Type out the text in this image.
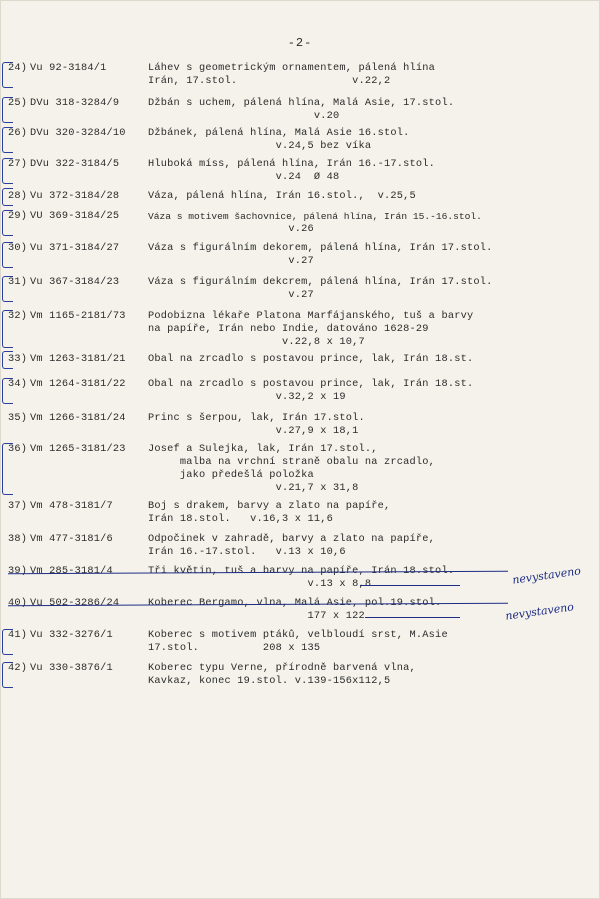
-2-
24) Vu 92-3184/1	Láhev s geometrickým ornamentem, pálená hlína
Irán, 17.stol.                  v.22,2
25) DVu 318-3284/9	Džbán s uchem, pálená hlína, Malá Asie, 17.stol.
v.20
26) DVu 320-3284/10 Džbánek, pálená hlína, Malá Asie 16.stol.
v.24,5 bez víka
27) DVu 322-3184/5	Hluboká míss, pálená hlína, Irán 16.-17.stol.
v.24  Ø 48
28) Vu 372-3184/28	Váza, pálená hlína, Irán 16.stol.,  v.25,5
29) VU 369-3184/25	Váza s motivem šachovnice, pálená hlína, Irán 15.-16.stol.
v.26
30) Vu 371-3184/27	Váza s figurálním dekorem, pálená hlína, Irán 17.stol.
v.27
31) Vu 367-3184/23	Váza s figurálním dekcrem, pálená hlína, Irán 17.stol.
v.27
32) Vm 1165-2181/73 Podobizna lékaře Platona Marfájanského, tuš a barvy
na papíře, Irán nebo Indie, datováno 1628-29
v.22,8 x 10,7
33) Vm 1263-3181/21 Obal na zrcadlo s postavou prince, lak, Irán 18.st.
34) Vm 1264-3181/22 Obal na zrcadlo s postavou prince, lak, Irán 18.st.
v.32,2 x 19
35) Vm 1266-3181/24 Princ s šerpou, lak, Irán 17.stol.
v.27,9 x 18,1
36) Vm 1265-3181/23 Josef a Sulejka, lak, Irán 17.stol.,
malba na vrchní straně obalu na zrcadlo,
jako předešlá položka
v.21,7 x 31,8
37) Vm 478-3181/7	Boj s drakem, barvy a zlato na papíře,
Irán 18.stol.   v.16,3 x 11,6
38) Vm 477-3181/6	Odpočinek v zahradě, barvy a zlato na papíře,
Irán 16.-17.stol.   v.13 x 10,6
39) Vm 285-3181/4	Tři květin, tuš a barvy na papíře, Irán 18.stol.
v.13 x 8,8	nevystaveno
40) Vu 502-3286/24	Koberec Bergamo, vlna, Malá Asie, pol.19.stol.
177 x 122	nevystaveno
41) Vu 332-3276/1	Koberec s motivem ptáků, velbloudí srst, M.Asie
17.stol.          208 x 135
42) Vu 330-3876/1	Koberec typu Verne, přírodně barvená vlna,
Kavkaz, konec 19.stol. v.139-156x112,5
